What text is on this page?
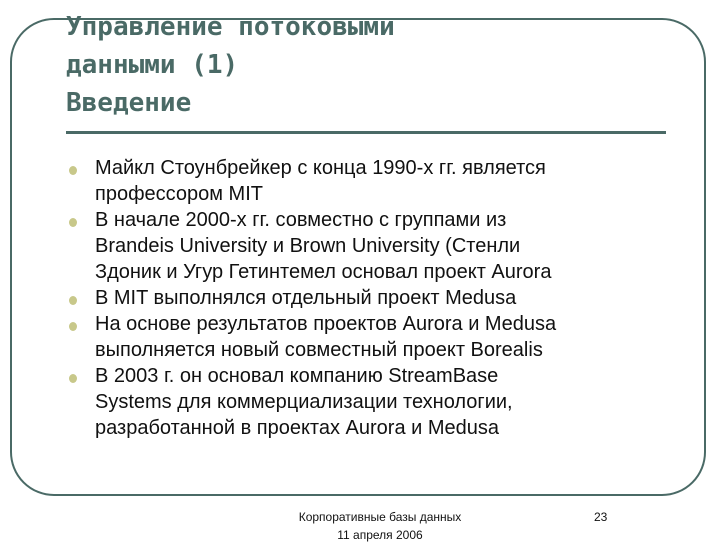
Управление потоковыми
данными (1)
Введение
Майкл Стоунбрейкер с конца 1990-х гг. является
профессором MIT
В начале 2000-х гг. совместно с группами из
Brandeis University и Brown University (Стенли
Здоник и Угур Гетинтемел основал проект Aurora
В MIT выполнялся отдельный проект Medusa
На основе результатов проектов Aurora и Medusa
выполняется новый совместный проект Borealis
В 2003 г. он основал компанию StreamBase
Systems для коммерциализации технологии,
разработанной в проектах Aurora и Medusa
Корпоративные базы данных
11 апреля 2006
23
